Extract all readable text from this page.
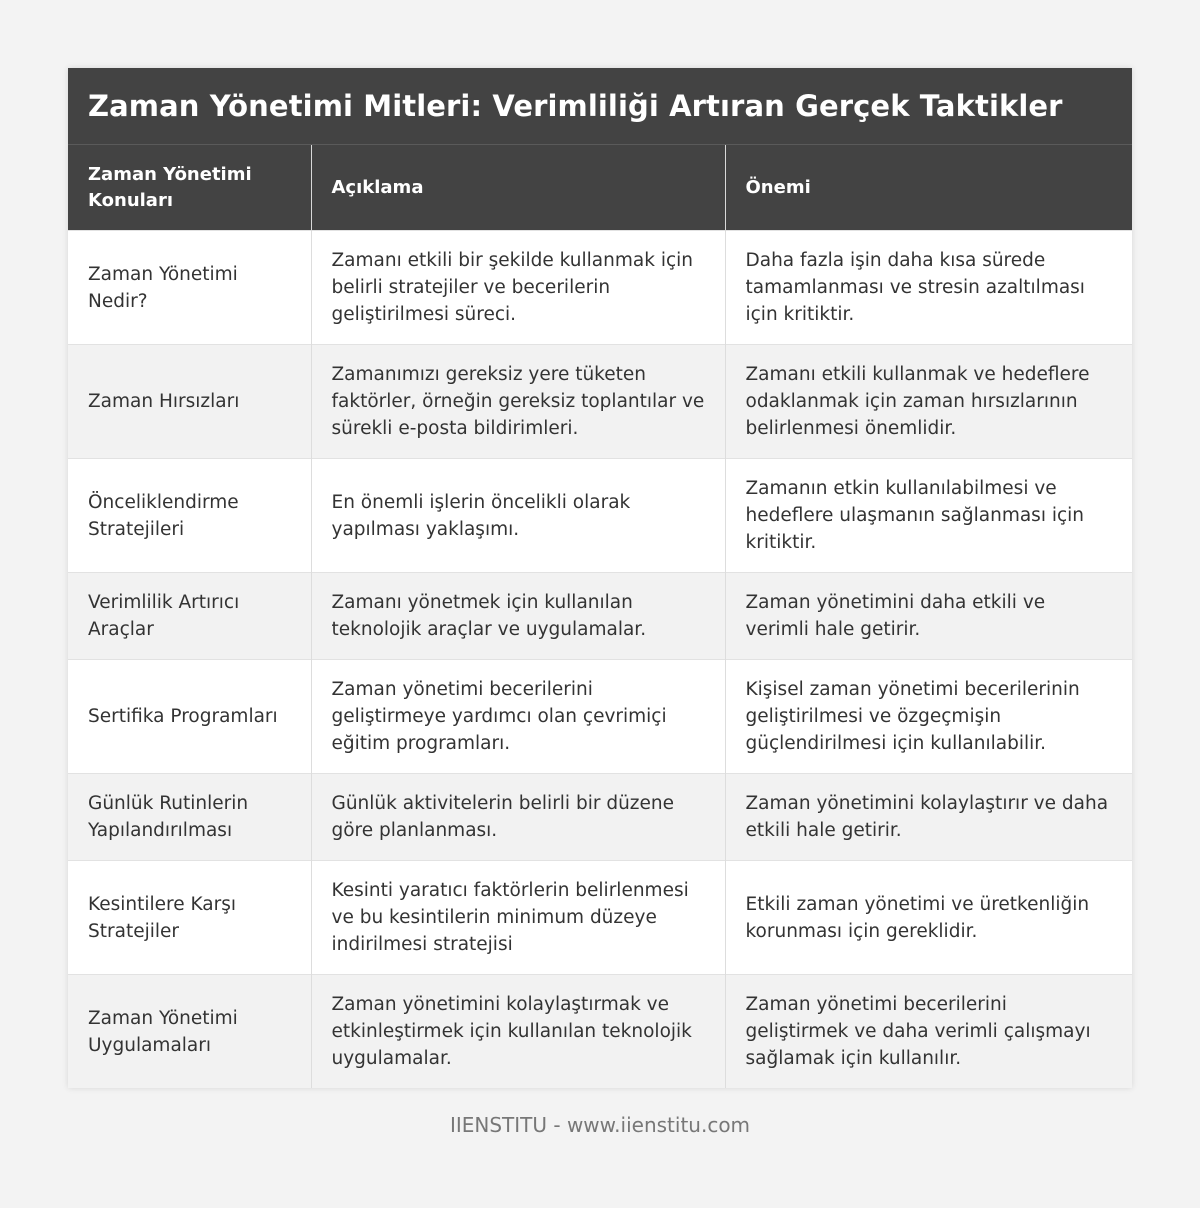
Zaman Yönetimi Mitleri: Verimliliği Artıran Gerçek Taktikler
Zaman Yönetimi Konuları	Açıklama	Önemi
Zaman Yönetimi Nedir?	Zamanı etkili bir şekilde kullanmak için belirli stratejiler ve becerilerin geliştirilmesi süreci.	Daha fazla işin daha kısa sürede tamamlanması ve stresin azaltılması için kritiktir.
Zaman Hırsızları	Zamanımızı gereksiz yere tüketen faktörler, örneğin gereksiz toplantılar ve sürekli e-posta bildirimleri.	Zamanı etkili kullanmak ve hedeflere odaklanmak için zaman hırsızlarının belirlenmesi önemlidir.
Önceliklendirme Stratejileri	En önemli işlerin öncelikli olarak yapılması yaklaşımı.	Zamanın etkin kullanılabilmesi ve hedeflere ulaşmanın sağlanması için kritiktir.
Verimlilik Artırıcı Araçlar	Zamanı yönetmek için kullanılan teknolojik araçlar ve uygulamalar.	Zaman yönetimini daha etkili ve verimli hale getirir.
Sertifika Programları	Zaman yönetimi becerilerini geliştirmeye yardımcı olan çevrimiçi eğitim programları.	Kişisel zaman yönetimi becerilerinin geliştirilmesi ve özgeçmişin güçlendirilmesi için kullanılabilir.
Günlük Rutinlerin Yapılandırılması	Günlük aktivitelerin belirli bir düzene göre planlanması.	Zaman yönetimini kolaylaştırır ve daha etkili hale getirir.
Kesintilere Karşı Stratejiler	Kesinti yaratıcı faktörlerin belirlenmesi ve bu kesintilerin minimum düzeye indirilmesi stratejisi	Etkili zaman yönetimi ve üretkenliğin korunması için gereklidir.
Zaman Yönetimi Uygulamaları	Zaman yönetimini kolaylaştırmak ve etkinleştirmek için kullanılan teknolojik uygulamalar.	Zaman yönetimi becerilerini geliştirmek ve daha verimli çalışmayı sağlamak için kullanılır.
IIENSTITU - www.iienstitu.com
